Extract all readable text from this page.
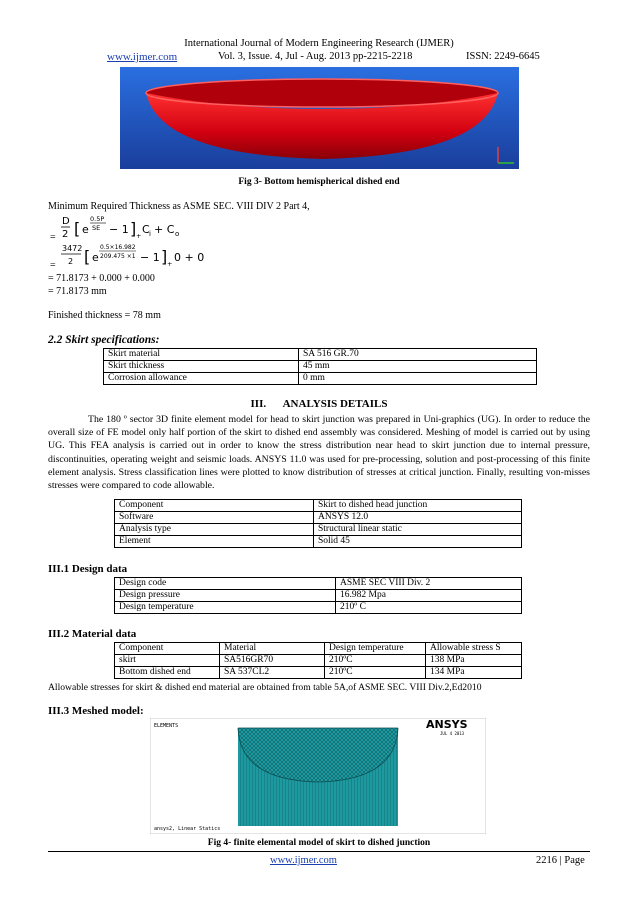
International Journal of Modern Engineering Research (IJMER)
www.ijmer.com	Vol. 3, Issue. 4, Jul - Aug. 2013 pp-2215-2218	ISSN: 2249-6645
Fig 3- Bottom hemispherical dished end
Minimum Required Thickness as ASME SEC. VIII DIV 2 Part 4,
=
D
2 [ e
0.5P
SE − 1 ] + C i + C o
=
3472
2 [ e
0.5×16.982
209.475 ×1 − 1 ] + 0 + 0
= 71.8173 + 0.000 + 0.000
= 71.8173 mm
Finished thickness = 78 mm
2.2 Skirt specifications:
Skirt material	SA 516 GR.70
Skirt thickness	45 mm
Corrosion allowance	0 mm
III. ANALYSIS DETAILS
The 180 º sector 3D finite element model for head to skirt junction was prepared in Uni-graphics (UG). In order to reduce the overall size of FE model only half portion of the skirt to dished end assembly was considered. Meshing of model is carried out by using UG. This FEA analysis is carried out in order to know the stress distribution near head to skirt junction due to internal pressure, discontinuities, operating weight and seismic loads. ANSYS 11.0 was used for pre-processing, solution and post-processing of this finite element analysis. Stress classification lines were plotted to know distribution of stresses at critical junction. Finally, resulting von-misses stresses were compared to code allowable.
Component	Skirt to dished head junction
Software	ANSYS 12.0
Analysis type	Structural linear static
Element	Solid 45
III.1 Design data
Design code	ASME SEC VIII Div. 2
Design pressure	16.982 Mpa
Design temperature	210º C
III.2 Material data
Component	Material	Design temperature	Allowable stress S
skirt	SA516GR70	210ºC	138 MPa
Bottom dished end	SA 537CL2	210ºC	134 MPa
Allowable stresses for skirt & dished end material are obtained from table 5A,of ASME SEC. VIII Div.2,Ed2010
III.3 Meshed model:
ELEMENTS
ansys2, Linear Statics
ANSYS
JUL 4 2013
Fig 4- finite elemental model of skirt to dished junction
www.ijmer.com	2216 | Page
